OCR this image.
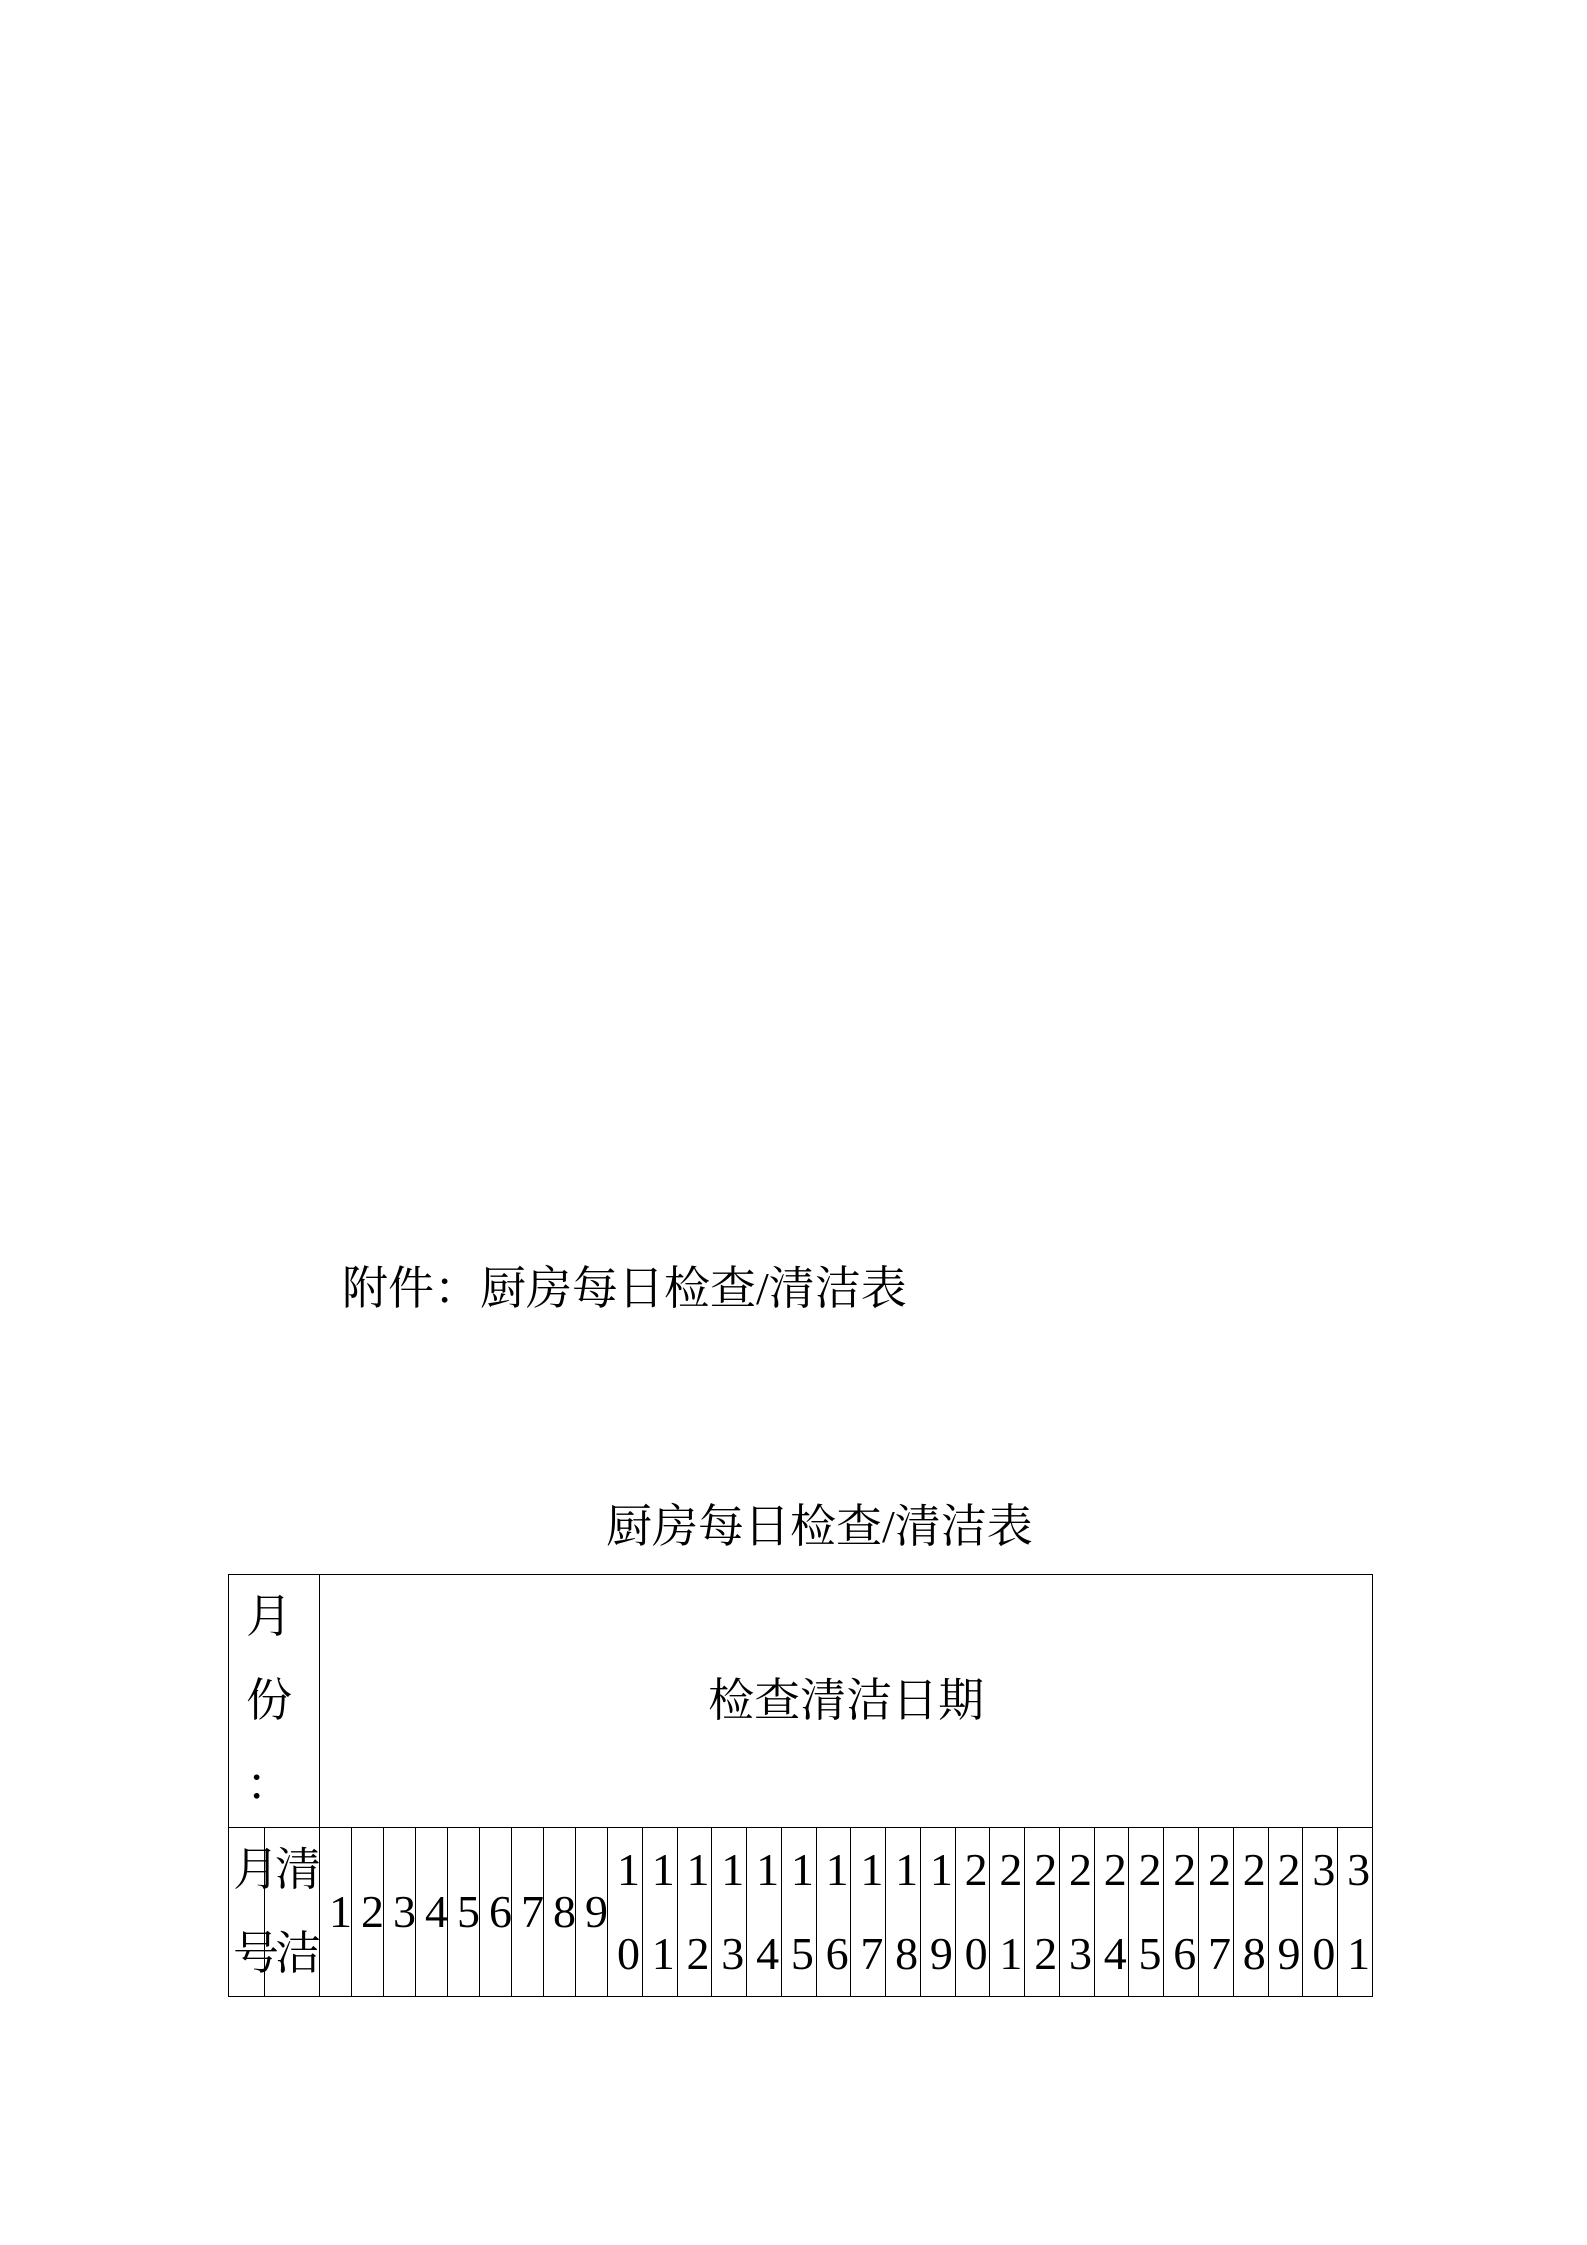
附件：厨房每日检查/清洁表
厨房每日检查/清洁表
月份：		检查清洁日期																														

月号	清洁	1	2	3	4	5	6	7	8	9	10	11	12	13	14	15	16	17	18	19	20	21	22	23	24	25	26	27	28	29	30	31
